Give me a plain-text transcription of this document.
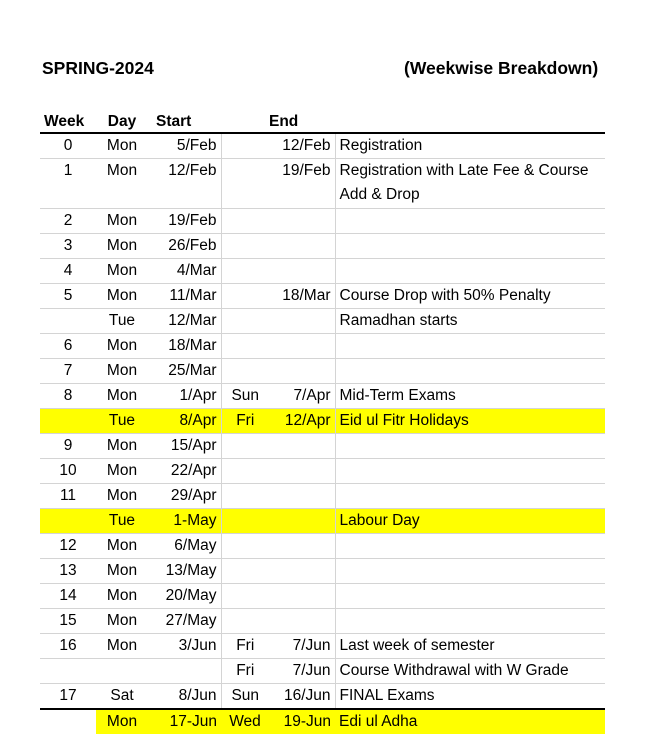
SPRING-2024	(Weekwise Breakdown)
Week	Day	Start		End	
0	Mon	5/Feb		12/Feb	Registration
1	Mon	12/Feb		19/Feb	Registration with Late Fee & Course Add & Drop
2	Mon	19/Feb			
3	Mon	26/Feb			
4	Mon	4/Mar			
5	Mon	11/Mar		18/Mar	Course Drop with 50% Penalty
	Tue	12/Mar			Ramadhan starts
6	Mon	18/Mar			
7	Mon	25/Mar			
8	Mon	1/Apr	Sun	7/Apr	Mid-Term Exams
	Tue	8/Apr	Fri	12/Apr	Eid ul Fitr Holidays
9	Mon	15/Apr			
10	Mon	22/Apr			
11	Mon	29/Apr			
	Tue	1-May			Labour Day
12	Mon	6/May			
13	Mon	13/May			
14	Mon	20/May			
15	Mon	27/May			
16	Mon	3/Jun	Fri	7/Jun	Last week of semester
			Fri	7/Jun	Course Withdrawal with W Grade
17	Sat	8/Jun	Sun	16/Jun	FINAL Exams
	Mon	17-Jun	Wed	19-Jun	Edi ul Adha
